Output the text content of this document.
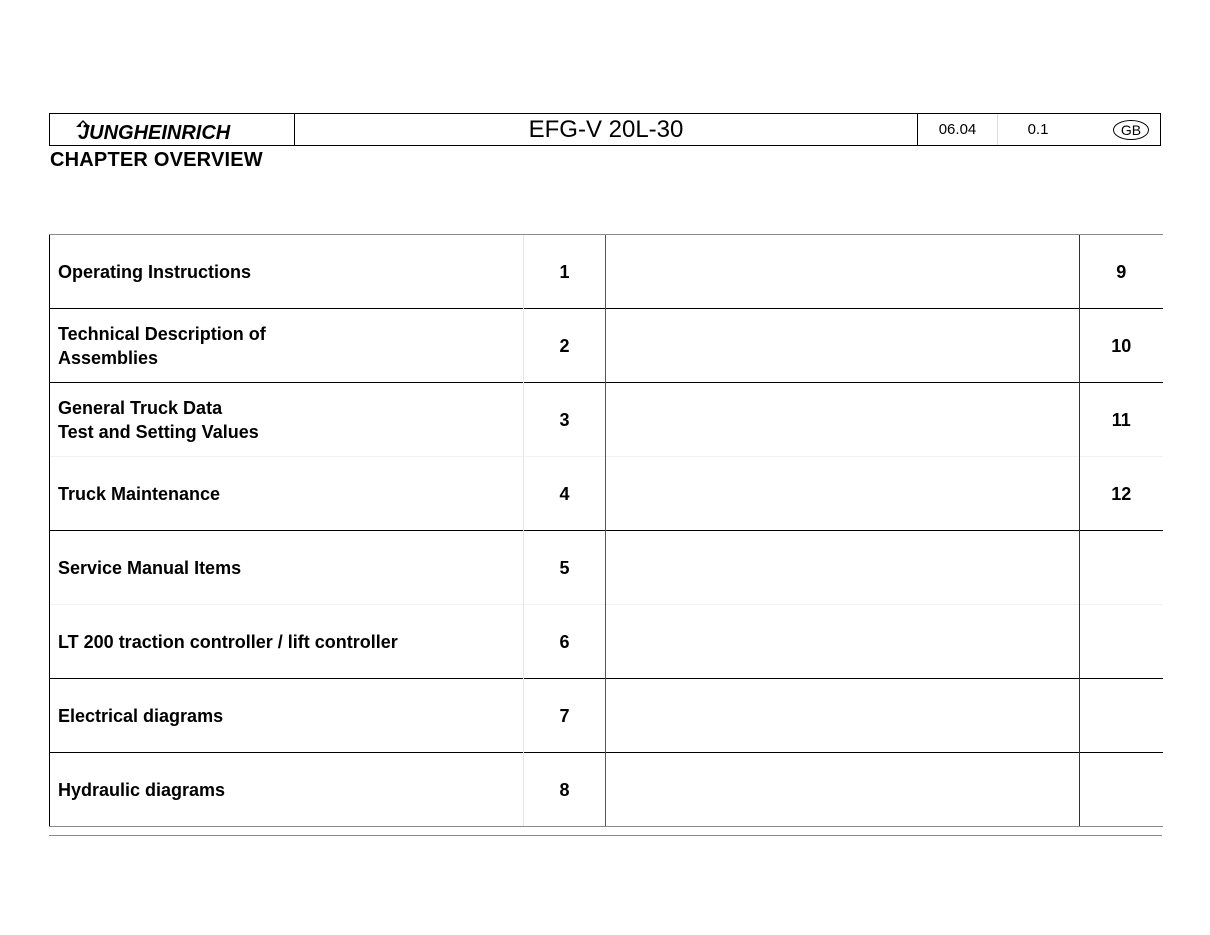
JUNGHEINRICH	EFG-V 20L-30	06.04	0.1	GB
CHAPTER OVERVIEW
Operating Instructions	1		9
Technical Description of
Assemblies	2		10
General Truck Data
Test and Setting Values	3		11
Truck Maintenance	4		12
Service Manual Items	5		
LT 200 traction controller / lift controller	6		
Electrical diagrams	7		
Hydraulic diagrams	8		
